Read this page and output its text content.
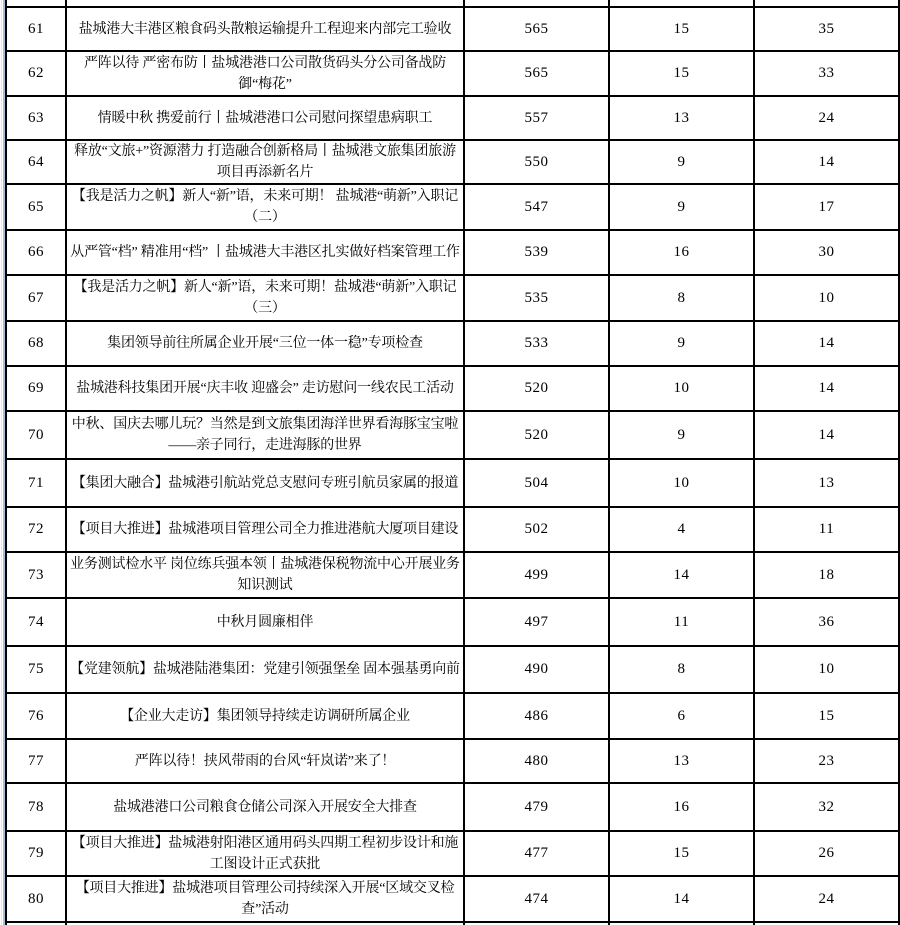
61	盐城港大丰港区粮食码头散粮运输提升工程迎来内部完工验收	565	15	35
62	严阵以待 严密布防丨盐城港港口公司散货码头分公司备战防御“梅花”	565	15	33
63	情暖中秋 携爱前行丨盐城港港口公司慰问探望患病职工	557	13	24
64	释放“文旅+”资源潜力 打造融合创新格局丨盐城港文旅集团旅游项目再添新名片	550	9	14
65	【我是活力之帆】新人“新”语，未来可期！ 盐城港“萌新”入职记（二）	547	9	17
66	从严管“档” 精准用“档” 丨盐城港大丰港区扎实做好档案管理工作	539	16	30
67	【我是活力之帆】新人“新”语，未来可期！盐城港“萌新”入职记（三）	535	8	10
68	集团领导前往所属企业开展“三位一体一稳”专项检查	533	9	14
69	盐城港科技集团开展“庆丰收 迎盛会” 走访慰问一线农民工活动	520	10	14
70	中秋、国庆去哪儿玩？当然是到文旅集团海洋世界看海豚宝宝啦——亲子同行，走进海豚的世界	520	9	14
71	【集团大融合】盐城港引航站党总支慰问专班引航员家属的报道	504	10	13
72	【项目大推进】盐城港项目管理公司全力推进港航大厦项目建设	502	4	11
73	业务测试检水平 岗位练兵强本领丨盐城港保税物流中心开展业务知识测试	499	14	18
74	中秋月圆廉相伴	497	11	36
75	【党建领航】盐城港陆港集团：党建引领强堡垒 固本强基勇向前	490	8	10
76	【企业大走访】集团领导持续走访调研所属企业	486	6	15
77	严阵以待！挟风带雨的台风“轩岚诺”来了！	480	13	23
78	盐城港港口公司粮食仓储公司深入开展安全大排查	479	16	32
79	【项目大推进】盐城港射阳港区通用码头四期工程初步设计和施工图设计正式获批	477	15	26
80	【项目大推进】盐城港项目管理公司持续深入开展“区域交叉检查”活动	474	14	24
